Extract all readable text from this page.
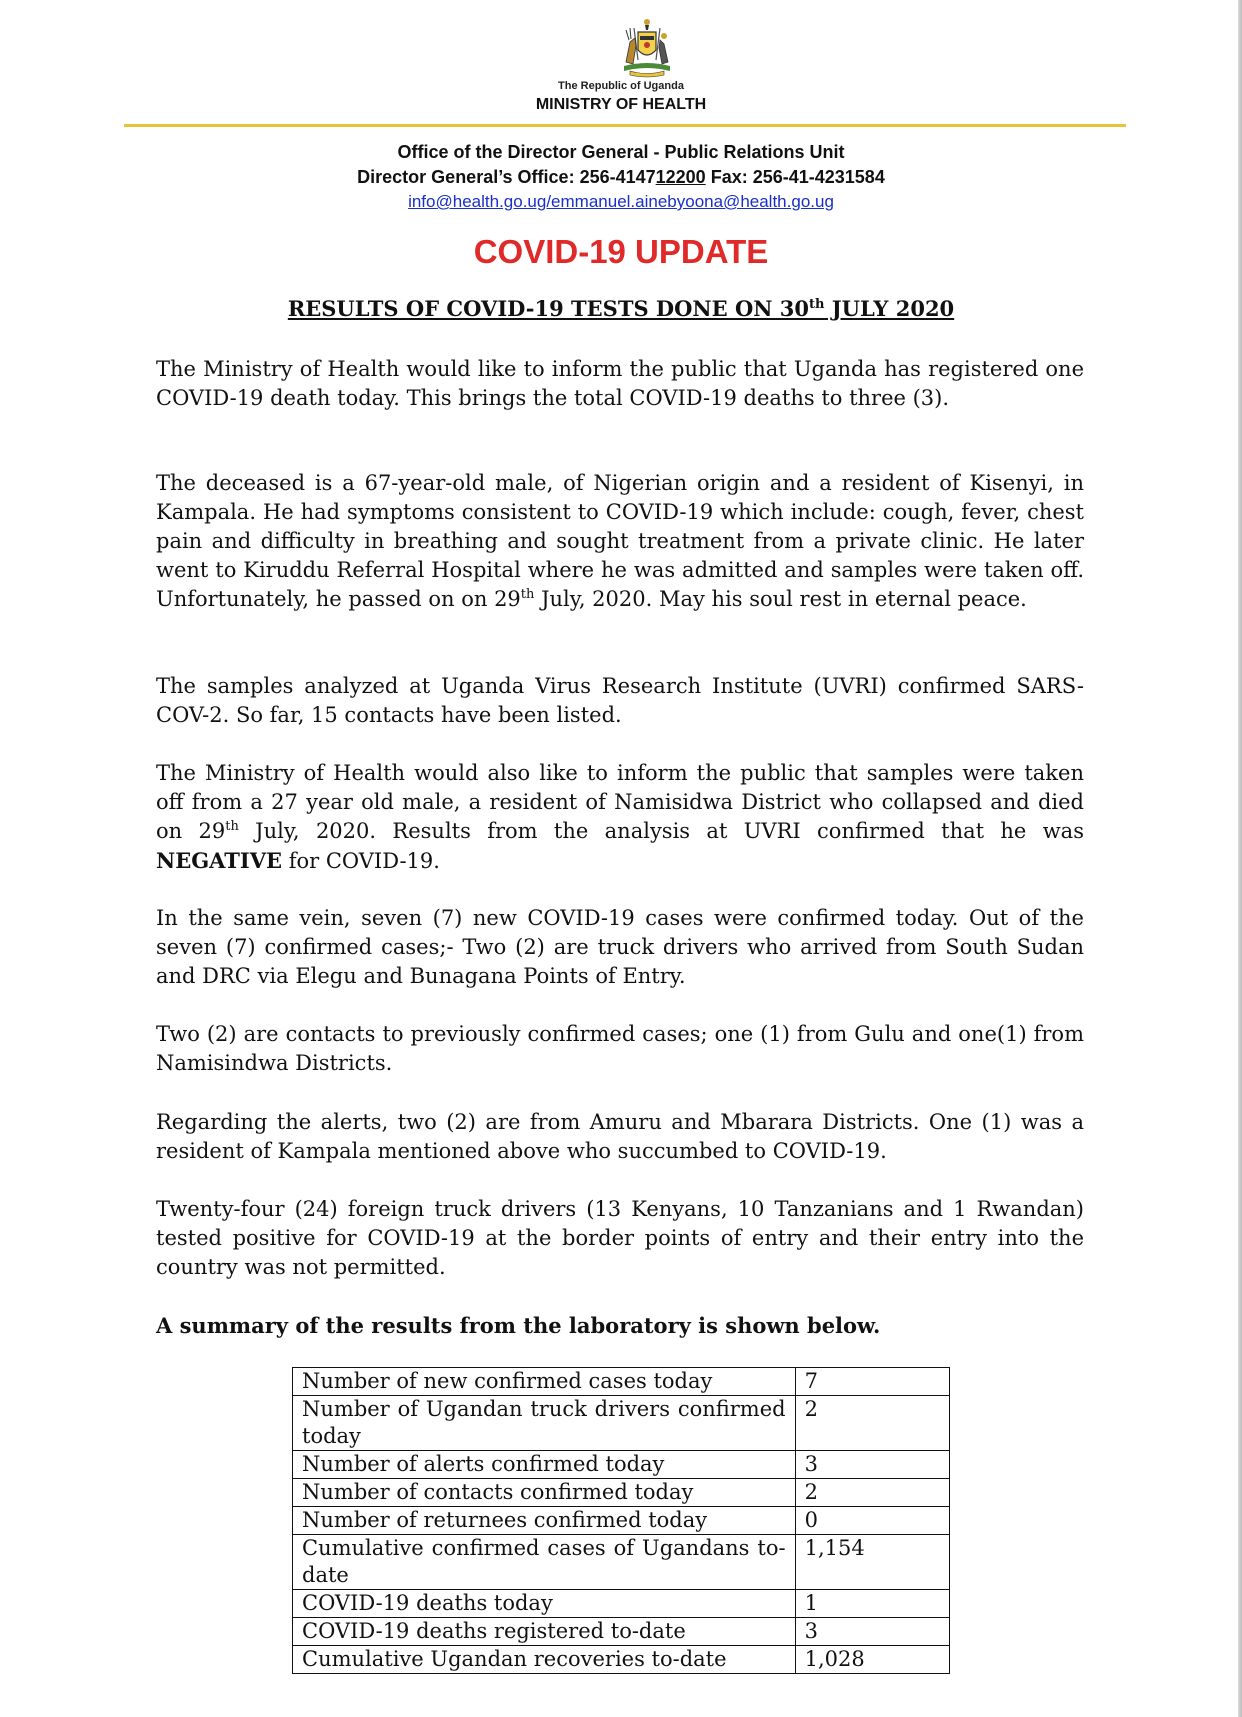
The Republic of Uganda
MINISTRY OF HEALTH
Office of the Director General - Public Relations Unit
Director General’s Office: 256-414712200 Fax: 256-41-4231584
info@health.go.ug/emmanuel.ainebyoona@health.go.ug
COVID-19 UPDATE
RESULTS OF COVID-19 TESTS DONE ON 30th JULY 2020
The Ministry of Health would like to inform the public that Uganda has registered one COVID-19 death today. This brings the total COVID-19 deaths to three (3).
The deceased is a 67-year-old male, of Nigerian origin and a resident of Kisenyi, in Kampala. He had symptoms consistent to COVID-19 which include: cough, fever, chest pain and difficulty in breathing and sought treatment from a private clinic. He later went to Kiruddu Referral Hospital where he was admitted and samples were taken off. Unfortunately, he passed on on 29th July, 2020. May his soul rest in eternal peace.
The samples analyzed at Uganda Virus Research Institute (UVRI) confirmed SARS-COV-2. So far, 15 contacts have been listed.
The Ministry of Health would also like to inform the public that samples were taken off from a 27 year old male, a resident of Namisidwa District who collapsed and died on 29th July, 2020. Results from the analysis at UVRI confirmed that he was NEGATIVE for COVID-19.
In the same vein, seven (7) new COVID-19 cases were confirmed today. Out of the seven (7) confirmed cases;- Two (2) are truck drivers who arrived from South Sudan and DRC via Elegu and Bunagana Points of Entry.
Two (2) are contacts to previously confirmed cases; one (1) from Gulu and one(1) from Namisindwa Districts.
Regarding the alerts, two (2) are from Amuru and Mbarara Districts. One (1) was a resident of Kampala mentioned above who succumbed to COVID-19.
Twenty-four (24) foreign truck drivers (13 Kenyans, 10 Tanzanians and 1 Rwandan) tested positive for COVID-19 at the border points of entry and their entry into the country was not permitted.
A summary of the results from the laboratory is shown below.
Number of new confirmed cases today	7
Number of Ugandan truck drivers confirmed today	2
Number of alerts confirmed today	3
Number of contacts confirmed today	2
Number of returnees confirmed today	0
Cumulative confirmed cases of Ugandans to-date	1,154
COVID-19 deaths today	1
COVID-19 deaths registered to-date	3
Cumulative Ugandan recoveries to-date	1,028
